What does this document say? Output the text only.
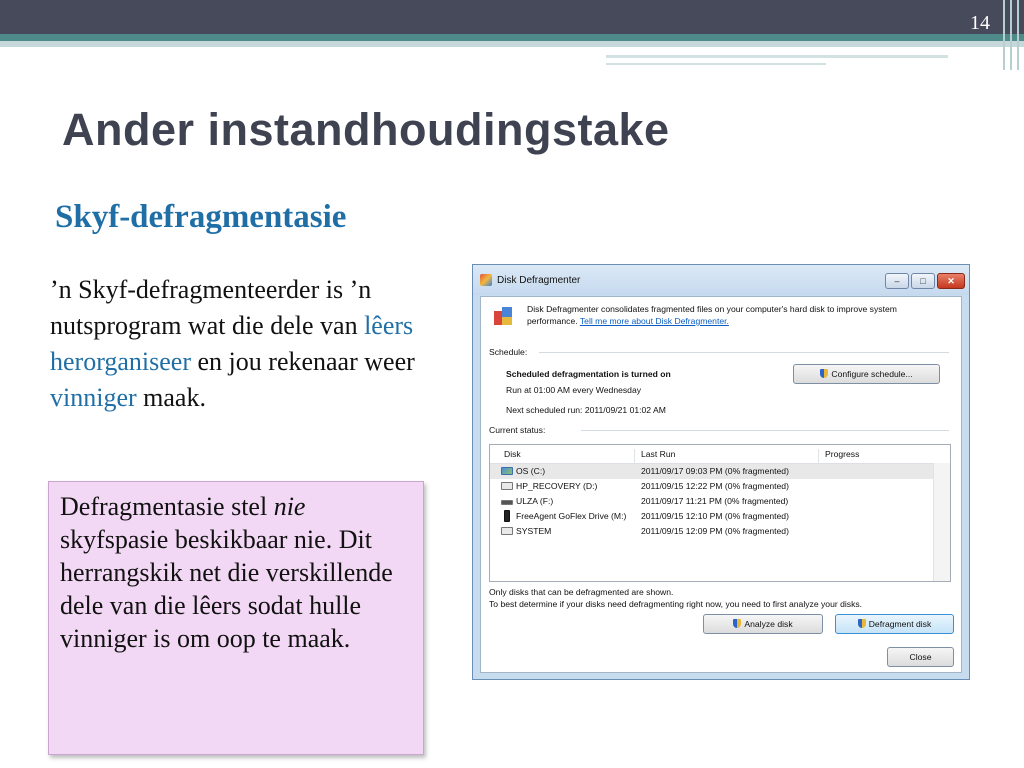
14
Ander instandhoudingstake
Skyf-defragmentasie
’n Skyf-defragmenteerder is ’n nutsprogram wat die dele van lêers herorganiseer en jou rekenaar weer vinniger maak.
Defragmentasie stel nie skyfspasie beskikbaar nie. Dit herrangskik net die verskillende dele van die lêers sodat hulle vinniger is om oop te maak.
Disk Defragmenter	–	□	✕
Disk Defragmenter consolidates fragmented files on your computer's hard disk to improve system performance. Tell me more about Disk Defragmenter.
Schedule:
Scheduled defragmentation is turned on
Run at 01:00 AM every Wednesday
Next scheduled run: 2011/09/21 01:02 AM
Configure schedule...
Current status:
Disk	Last Run	Progress
OS (C:)	2011/09/17 09:03 PM (0% fragmented)
HP_RECOVERY (D:)	2011/09/15 12:22 PM (0% fragmented)
ULZA (F:)	2011/09/17 11:21 PM (0% fragmented)
FreeAgent GoFlex Drive (M:) 2011/09/15 12:10 PM (0% fragmented)
SYSTEM	2011/09/15 12:09 PM (0% fragmented)
Only disks that can be defragmented are shown.
To best determine if your disks need defragmenting right now, you need to first analyze your disks.
Analyze disk	Defragment disk
Close
